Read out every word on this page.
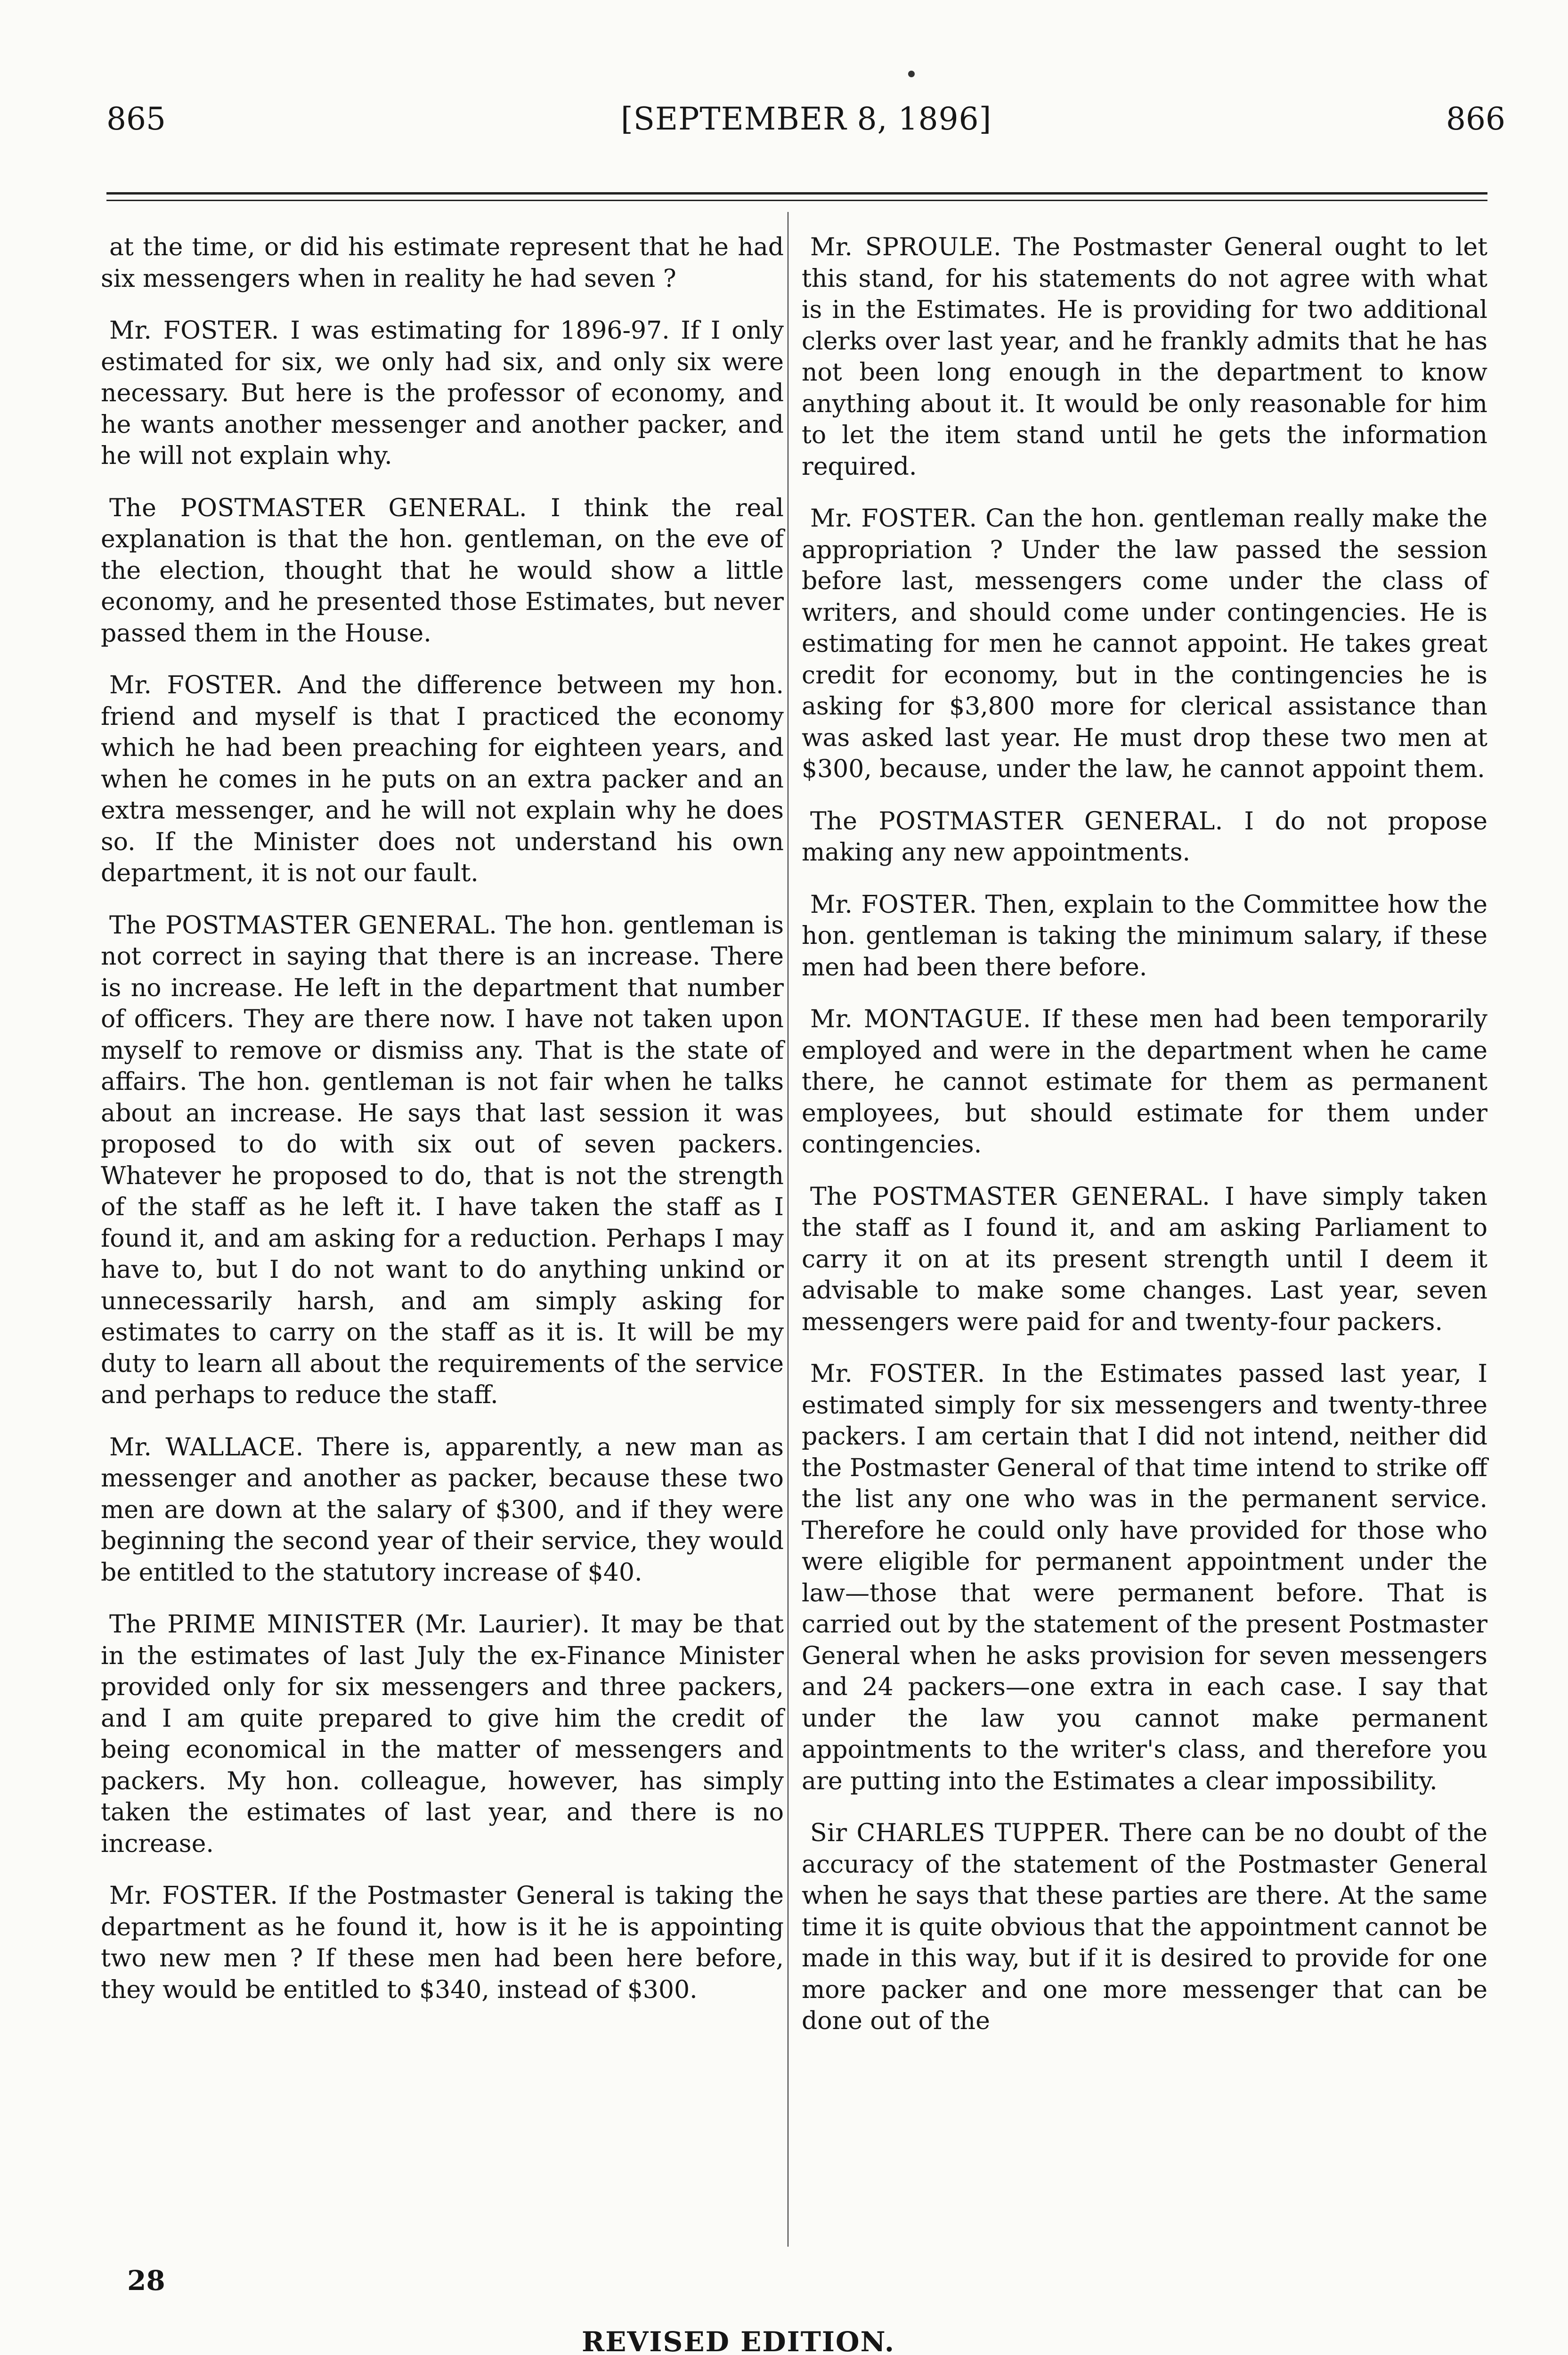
865	[SEPTEMBER 8, 1896]	866

at the time, or did his estimate represent that he had six messengers when in reality he had seven ?

Mr. FOSTER. I was estimating for 1896-97. If I only estimated for six, we only had six, and only six were necessary. But here is the professor of economy, and he wants another messenger and another packer, and he will not explain why.

The POSTMASTER GENERAL. I think the real explanation is that the hon. gentleman, on the eve of the election, thought that he would show a little economy, and he presented those Estimates, but never passed them in the House.

Mr. FOSTER. And the difference between my hon. friend and myself is that I practiced the economy which he had been preaching for eighteen years, and when he comes in he puts on an extra packer and an extra messenger, and he will not explain why he does so. If the Minister does not understand his own department, it is not our fault.

The POSTMASTER GENERAL. The hon. gentleman is not correct in saying that there is an increase. There is no increase. He left in the department that number of officers. They are there now. I have not taken upon myself to remove or dismiss any. That is the state of affairs. The hon. gentleman is not fair when he talks about an increase. He says that last session it was proposed to do with six out of seven packers. Whatever he proposed to do, that is not the strength of the staff as he left it. I have taken the staff as I found it, and am asking for a reduction. Perhaps I may have to, but I do not want to do anything unkind or unnecessarily harsh, and am simply asking for estimates to carry on the staff as it is. It will be my duty to learn all about the requirements of the service and perhaps to reduce the staff.

Mr. WALLACE. There is, apparently, a new man as messenger and another as packer, because these two men are down at the salary of $300, and if they were beginning the second year of their service, they would be entitled to the statutory increase of $40.

The PRIME MINISTER (Mr. Laurier). It may be that in the estimates of last July the ex-Finance Minister provided only for six messengers and three packers, and I am quite prepared to give him the credit of being economical in the matter of messengers and packers. My hon. colleague, however, has simply taken the estimates of last year, and there is no increase.

Mr. FOSTER. If the Postmaster General is taking the department as he found it, how is it he is appointing two new men ? If these men had been here before, they would be entitled to $340, instead of $300.

Mr. SPROULE. The Postmaster General ought to let this stand, for his statements do not agree with what is in the Estimates. He is providing for two additional clerks over last year, and he frankly admits that he has not been long enough in the department to know anything about it. It would be only reasonable for him to let the item stand until he gets the information required.

Mr. FOSTER. Can the hon. gentleman really make the appropriation ? Under the law passed the session before last, messengers come under the class of writers, and should come under contingencies. He is estimating for men he cannot appoint. He takes great credit for economy, but in the contingencies he is asking for $3,800 more for clerical assistance than was asked last year. He must drop these two men at $300, because, under the law, he cannot appoint them.

The POSTMASTER GENERAL. I do not propose making any new appointments.

Mr. FOSTER. Then, explain to the Committee how the hon. gentleman is taking the minimum salary, if these men had been there before.

Mr. MONTAGUE. If these men had been temporarily employed and were in the department when he came there, he cannot estimate for them as permanent employees, but should estimate for them under contingencies.

The POSTMASTER GENERAL. I have simply taken the staff as I found it, and am asking Parliament to carry it on at its present strength until I deem it advisable to make some changes. Last year, seven messengers were paid for and twenty-four packers.

Mr. FOSTER. In the Estimates passed last year, I estimated simply for six messengers and twenty-three packers. I am certain that I did not intend, neither did the Postmaster General of that time intend to strike off the list any one who was in the permanent service. Therefore he could only have provided for those who were eligible for permanent appointment under the law—those that were permanent before. That is carried out by the statement of the present Postmaster General when he asks provision for seven messengers and 24 packers—one extra in each case. I say that under the law you cannot make permanent appointments to the writer's class, and therefore you are putting into the Estimates a clear impossibility.

Sir CHARLES TUPPER. There can be no doubt of the accuracy of the statement of the Postmaster General when he says that these parties are there. At the same time it is quite obvious that the appointment cannot be made in this way, but if it is desired to provide for one more packer and one more messenger that can be done out of the

28
REVISED EDITION.
